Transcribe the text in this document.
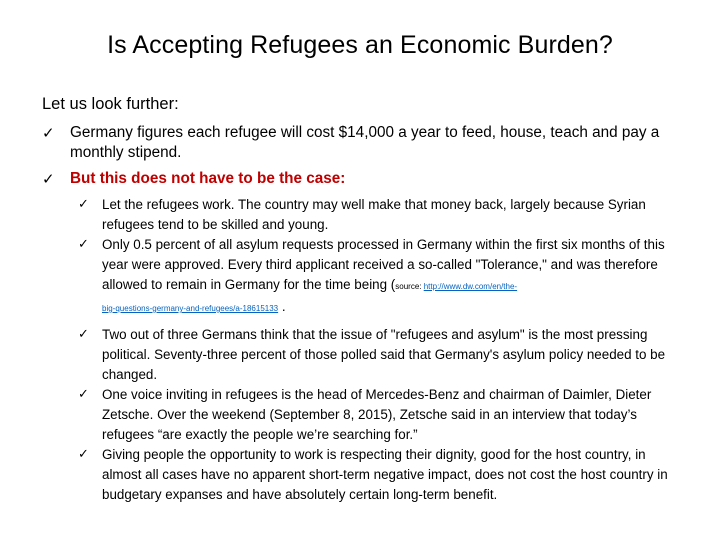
Is Accepting Refugees an Economic Burden?

Let us look further:

✓	Germany figures each refugee will cost $14,000 a year to feed, house, teach and pay a monthly stipend.
✓	But this does not have to be the case:
✓ Let the refugees work. The country may well make that money back, largely because Syrian refugees tend to be skilled and young.
✓ Only 0.5 percent of all asylum requests processed in Germany within the first six months of this year were approved. Every third applicant received a so-called "Tolerance," and was therefore allowed to remain in Germany for the time being (source: http://www.dw.com/en/the-
big-questions-germany-and-refugees/a-18615133 .
✓ Two out of three Germans think that the issue of "refugees and asylum" is the most pressing political. Seventy-three percent of those polled said that Germany's asylum policy needed to be changed.
✓ One voice inviting in refugees is the head of Mercedes-Benz and chairman of Daimler, Dieter Zetsche. Over the weekend (September 8, 2015), Zetsche said in an interview that today’s refugees “are exactly the people we’re searching for.”
✓ Giving people the opportunity to work is respecting their dignity, good for the host country, in almost all cases have no apparent short-term negative impact, does not cost the host country in budgetary expanses and have absolutely certain long-term benefit.
